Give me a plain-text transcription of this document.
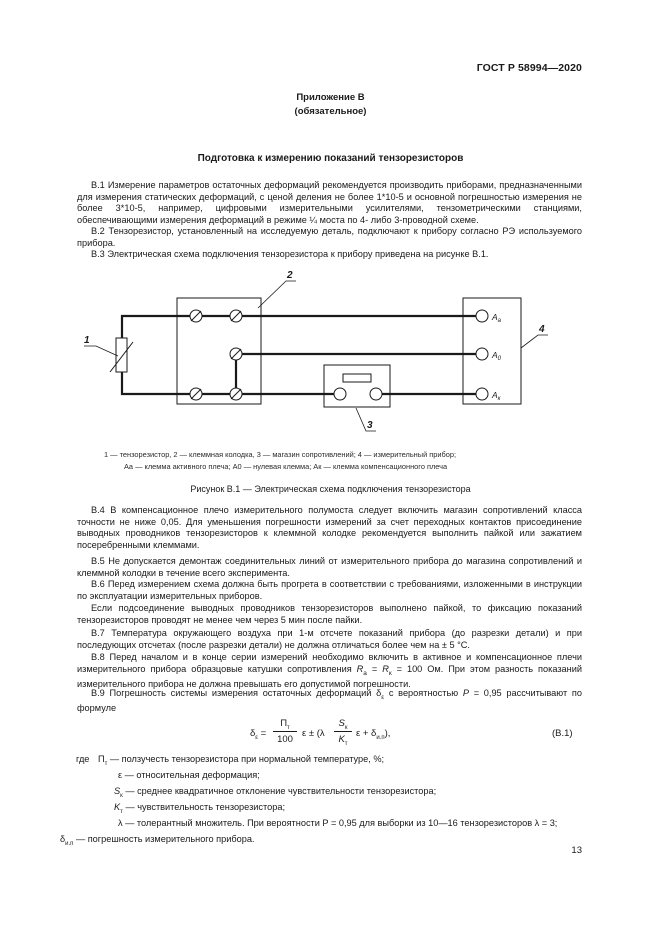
ГОСТ Р 58994—2020
Приложение В
(обязательное)
Подготовка к измерению показаний тензорезисторов

В.1 Измерение параметров остаточных деформаций рекомендуется производить приборами, предназначенными для измерения статических деформаций, с ценой деления не более 1*10-5 и основной погрешностью измерения не более 3*10-5, например, цифровыми измерительными усилителями, тензометрическими станциями, обеспечивающими измерения деформаций в режиме ¼ моста по 4- либо 3-проводной схеме.

В.2 Тензорезистор, установленный на исследуемую деталь, подключают к прибору согласно РЭ используемого прибора.

В.3 Электрическая схема подключения тензорезистора к прибору приведена на рисунке В.1.

1
2
3
4
$A_a$
$A_0$
$A_к$
1 — тензорезистор, 2 — клеммная колодка, 3 — магазин сопротивлений; 4 — измерительный прибор;
Aа — клемма активного плеча; A0 — нулевая клемма; Aк — клемма компенсационного плеча
Рисунок В.1 — Электрическая схема подключения тензорезистора

В.4 В компенсационное плечо измерительного полумоста следует включить магазин сопротивлений класса точности не ниже 0,05. Для уменьшения погрешности измерений за счет переходных контактов присоединение выводных проводников тензорезисторов к клеммной колодке рекомендуется выполнить пайкой или зажатием посеребренными клеммами.

В.5 Не допускается демонтаж соединительных линий от измерительного прибора до магазина сопротивлений и клеммной колодки в течение всего эксперимента.

В.6 Перед измерением схема должна быть прогрета в соответствии с требованиями, изложенными в инструкции по эксплуатации измерительных приборов.

Если подсоединение выводных проводников тензорезисторов выполнено пайкой, то фиксацию показаний тензорезисторов проводят не менее чем через 5 мин после пайки.

В.7 Температура окружающего воздуха при 1-м отсчете показаний прибора (до разрезки детали) и при последующих отсчетах (после разрезки детали) не должна отличаться более чем на ± 5 °С.

В.8 Перед началом и в конце серии измерений необходимо включить в активное и компенсационное плечи измерительного прибора образцовые катушки сопротивления $R_a = R_к = 100$ Ом. При этом разность показаний измерительного прибора не должна превышать его допустимой погрешности.

В.9 Погрешность системы измерения остаточных деформаций $\delta_\varepsilon$ с вероятностью P = 0,95 рассчитывают по формуле

$\delta_\varepsilon$ =
$П_т$
100
ε ± (λ
$S_к$
$K_т$
$\varepsilon + \delta_{и.п}$),	(В.1)
где $П_т$ — ползучесть тензорезистора при нормальной температуре, %;
ε — относительная деформация;
$S_к$ — среднее квадратичное отклонение чувствительности тензорезистора;
$K_т$ — чувствительность тензорезистора;
λ — толерантный множитель. При вероятности P = 0,95 для выборки из 10—16 тензорезисторов λ = 3;
$\delta_{и.п}$ — погрешность измерительного прибора.
13
